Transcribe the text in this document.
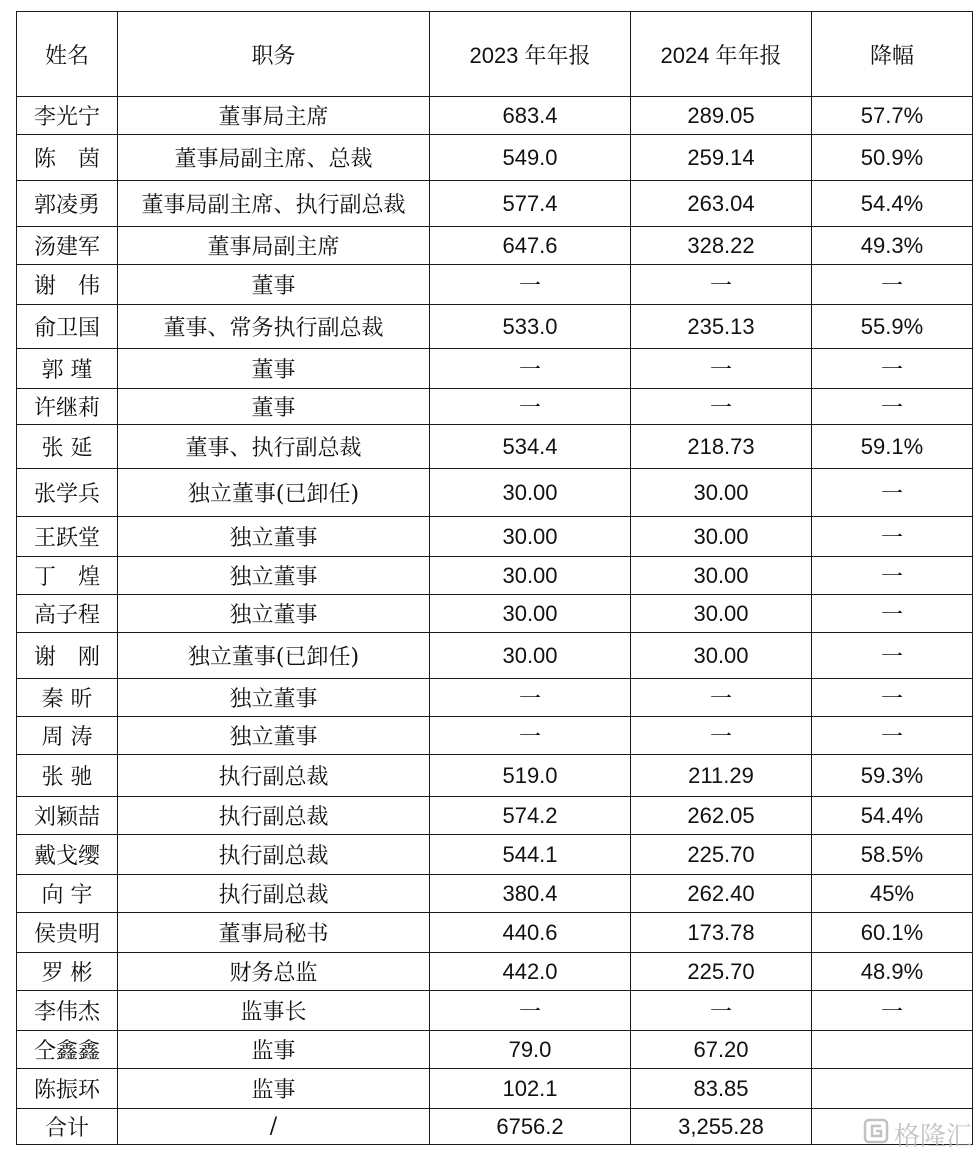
姓名	职务	2023 年年报	2024 年年报	降幅
李光宁	董事局主席	683.4	289.05	57.7%
陈　茵	董事局副主席、总裁	549.0	259.14	50.9%
郭凌勇	董事局副主席、执行副总裁	577.4	263.04	54.4%
汤建军	董事局副主席	647.6	328.22	49.3%
谢　伟	董事	一	一	一
俞卫国	董事、常务执行副总裁	533.0	235.13	55.9%
郭 瑾	董事	一	一	一
许继莉	董事	一	一	一
张 延	董事、执行副总裁	534.4	218.73	59.1%
张学兵	独立董事(已卸任)	30.00	30.00	一
王跃堂	独立董事	30.00	30.00	一
丁　煌	独立董事	30.00	30.00	一
高子程	独立董事	30.00	30.00	一
谢　刚	独立董事(已卸任)	30.00	30.00	一
秦 昕	独立董事	一	一	一
周 涛	独立董事	一	一	一
张 驰	执行副总裁	519.0	211.29	59.3%
刘颖喆	执行副总裁	574.2	262.05	54.4%
戴戈缨	执行副总裁	544.1	225.70	58.5%
向 宇	执行副总裁	380.4	262.40	45%
侯贵明	董事局秘书	440.6	173.78	60.1%
罗 彬	财务总监	442.0	225.70	48.9%
李伟杰	监事长	一	一	一
仝鑫鑫	监事	79.0	67.20	
陈振环	监事	102.1	83.85	
合计	/	6756.2	3,255.28		格隆汇
